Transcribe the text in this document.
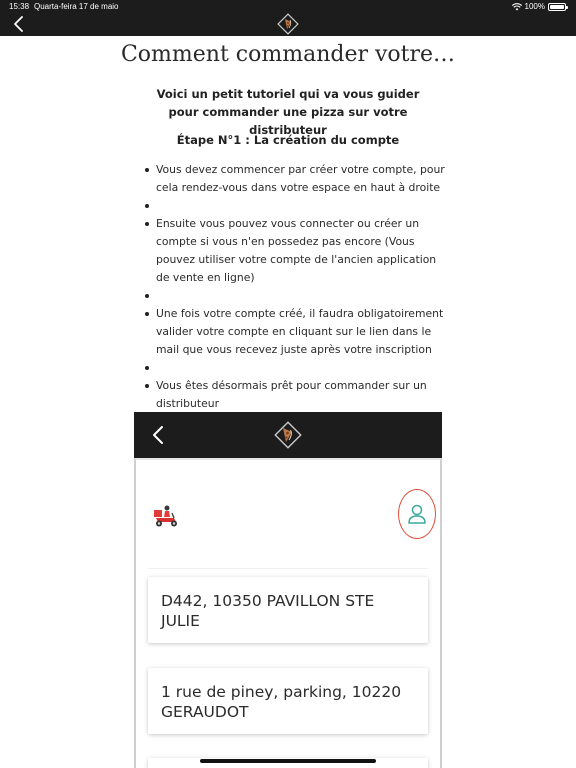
15:38 Quarta-feira 17 de maio	100%
Comment commander votre…
Voici un petit tutoriel qui va vous guider pour commander une pizza sur votre distributeur
Étape N°1 : La création du compte
Vous devez commencer par créer votre compte, pour cela rendez-vous dans votre espace en haut à droite
Ensuite vous pouvez vous connecter ou créer un compte si vous n'en possedez pas encore (Vous pouvez utiliser votre compte de l'ancien application de vente en ligne)
Une fois votre compte créé, il faudra obligatoirement valider votre compte en cliquant sur le lien dans le mail que vous recevez juste après votre inscription
Vous êtes désormais prêt pour commander sur un distributeur
D442, 10350 PAVILLON STE JULIE
1 rue de piney, parking, 10220 GERAUDOT
